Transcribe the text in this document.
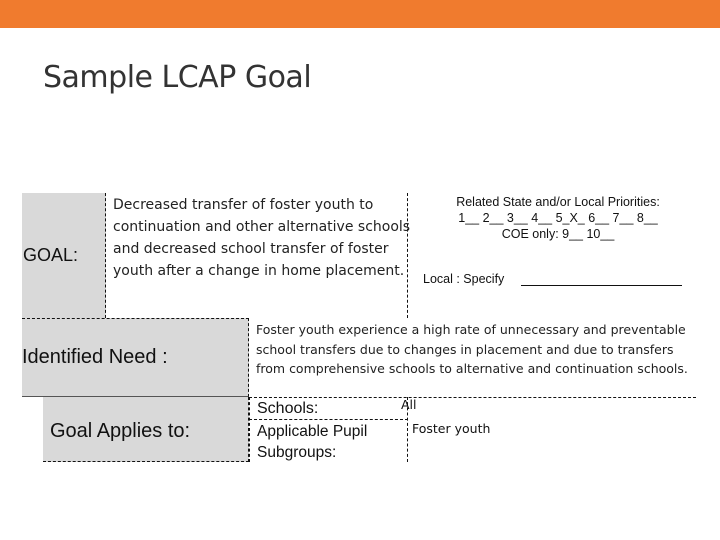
Sample LCAP Goal
GOAL:
Decreased transfer of foster youth to continuation and other alternative schools and decreased school transfer of foster youth after a change in home placement.
Related State and/or Local Priorities:
1__ 2__ 3__ 4__ 5_X_ 6__ 7__ 8__
COE only: 9__ 10__
Local : Specify
Identified Need :
Foster youth experience a high rate of unnecessary and preventable school transfers due to changes in placement and due to transfers from comprehensive schools to alternative and continuation schools.
Goal Applies to:
Schools:	All
Applicable Pupil Subgroups:
Foster youth
